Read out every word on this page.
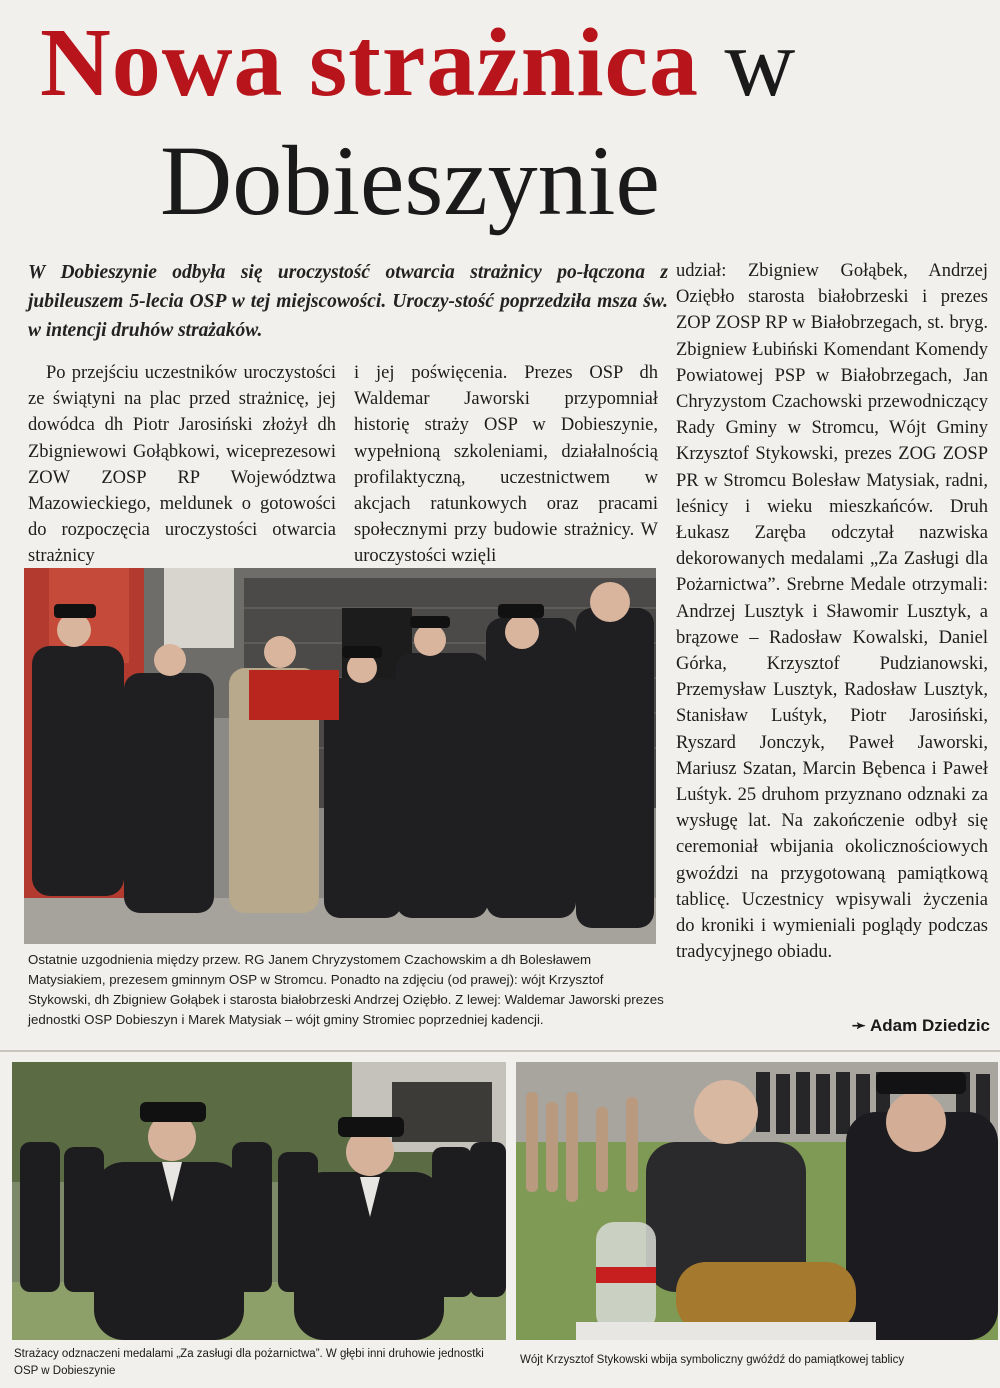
Nowa strażnica w
Dobieszynie
W Dobieszynie odbyła się uroczystość otwarcia strażnicy po-łączona z jubileuszem 5-lecia OSP w tej miejscowości. Uroczy-stość poprzedziła msza św. w intencji druhów strażaków.
Po przejściu uczestników uroczystości ze świątyni na plac przed strażnicę, jej dowódca dh Piotr Jarosiński złożył dh Zbigniewowi Gołąbkowi, wiceprezesowi ZOW ZOSP RP Województwa Mazowieckiego, meldunek o gotowości do rozpoczęcia uroczystości otwarcia strażnicy
i jej poświęcenia. Prezes OSP dh Waldemar Jaworski przypomniał historię straży OSP w Dobieszynie, wypełnioną szkoleniami, działalnością profilaktyczną, uczestnictwem w akcjach ratunkowych oraz pracami społecznymi przy budowie strażnicy. W uroczystości wzięli
udział: Zbigniew Gołąbek, Andrzej Oziębło starosta białobrzeski i prezes ZOP ZOSP RP w Białobrzegach, st. bryg. Zbigniew Łubiński Komendant Komendy Powiatowej PSP w Białobrzegach, Jan Chryzystom Czachowski przewodniczący Rady Gminy w Stromcu, Wójt Gminy Krzysztof Stykowski, prezes ZOG ZOSP PR w Stromcu Bolesław Matysiak, radni, leśnicy i wieku mieszkańców. Druh Łukasz Zaręba odczytał nazwiska dekorowanych medalami „Za Zasługi dla Pożarnictwa”. Srebrne Medale otrzymali: Andrzej Lusztyk i Sławomir Lusztyk, a brązowe – Radosław Kowalski, Daniel Górka, Krzysztof Pudzianowski, Przemysław Lusztyk, Radosław Lusztyk, Stanisław Luśtyk, Piotr Jarosiński, Ryszard Jonczyk, Paweł Jaworski, Mariusz Szatan, Marcin Bębenca i Paweł Luśtyk. 25 druhom przyznano odznaki za wysługę lat. Na zakończenie odbył się ceremoniał wbijania okolicznościowych gwoździ na przygotowaną pamiątkową tablicę. Uczestnicy wpisywali życzenia do kroniki i wymieniali poglądy podczas tradycyjnego obiadu.
➛ Adam Dziedzic
Ostatnie uzgodnienia między przew. RG Janem Chryzystomem Czachowskim a dh Bolesławem Matysiakiem, prezesem gminnym OSP w Stromcu. Ponadto na zdjęciu (od prawej): wójt Krzysztof Stykowski, dh Zbigniew Gołąbek i starosta białobrzeski Andrzej Oziębło. Z lewej: Waldemar Jaworski prezes jednostki OSP Dobieszyn i Marek Matysiak – wójt gminy Stromiec poprzedniej kadencji.
Strażacy odznaczeni medalami „Za zasługi dla pożarnictwa”. W głębi inni druhowie jednostki OSP w Dobieszynie
Wójt Krzysztof Stykowski wbija symboliczny gwóźdź do pamiątkowej tablicy
